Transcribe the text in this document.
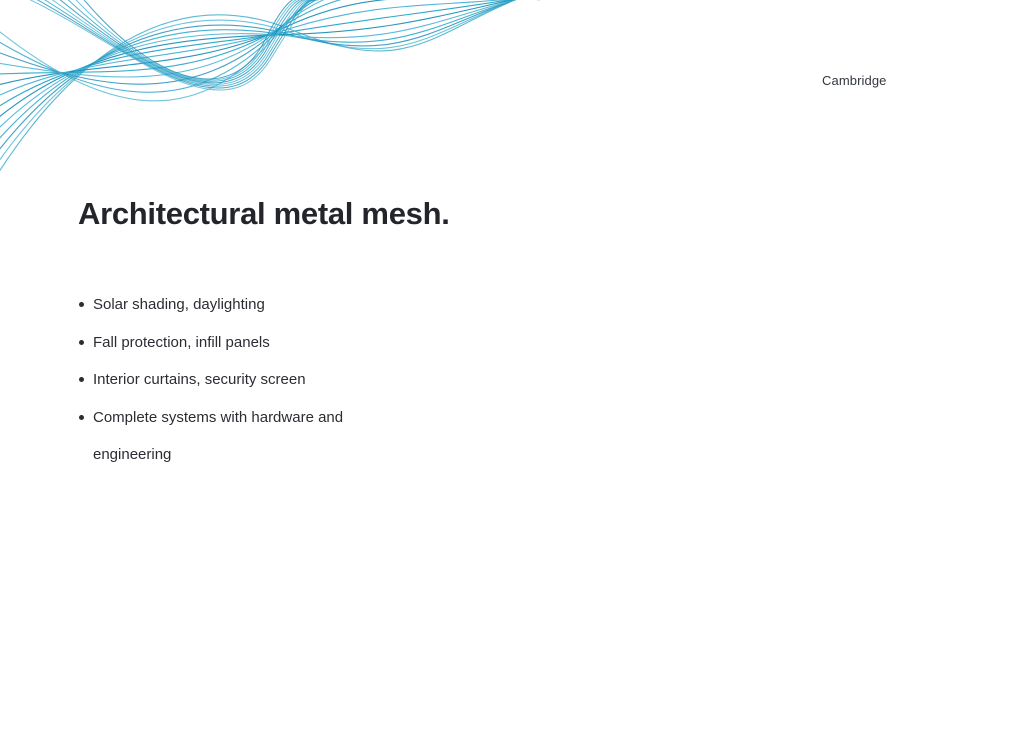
Cambridge
Architectural metal mesh.
Solar shading, daylighting
Fall protection, infill panels
Interior curtains, security screen
Complete systems with hardware and engineering
